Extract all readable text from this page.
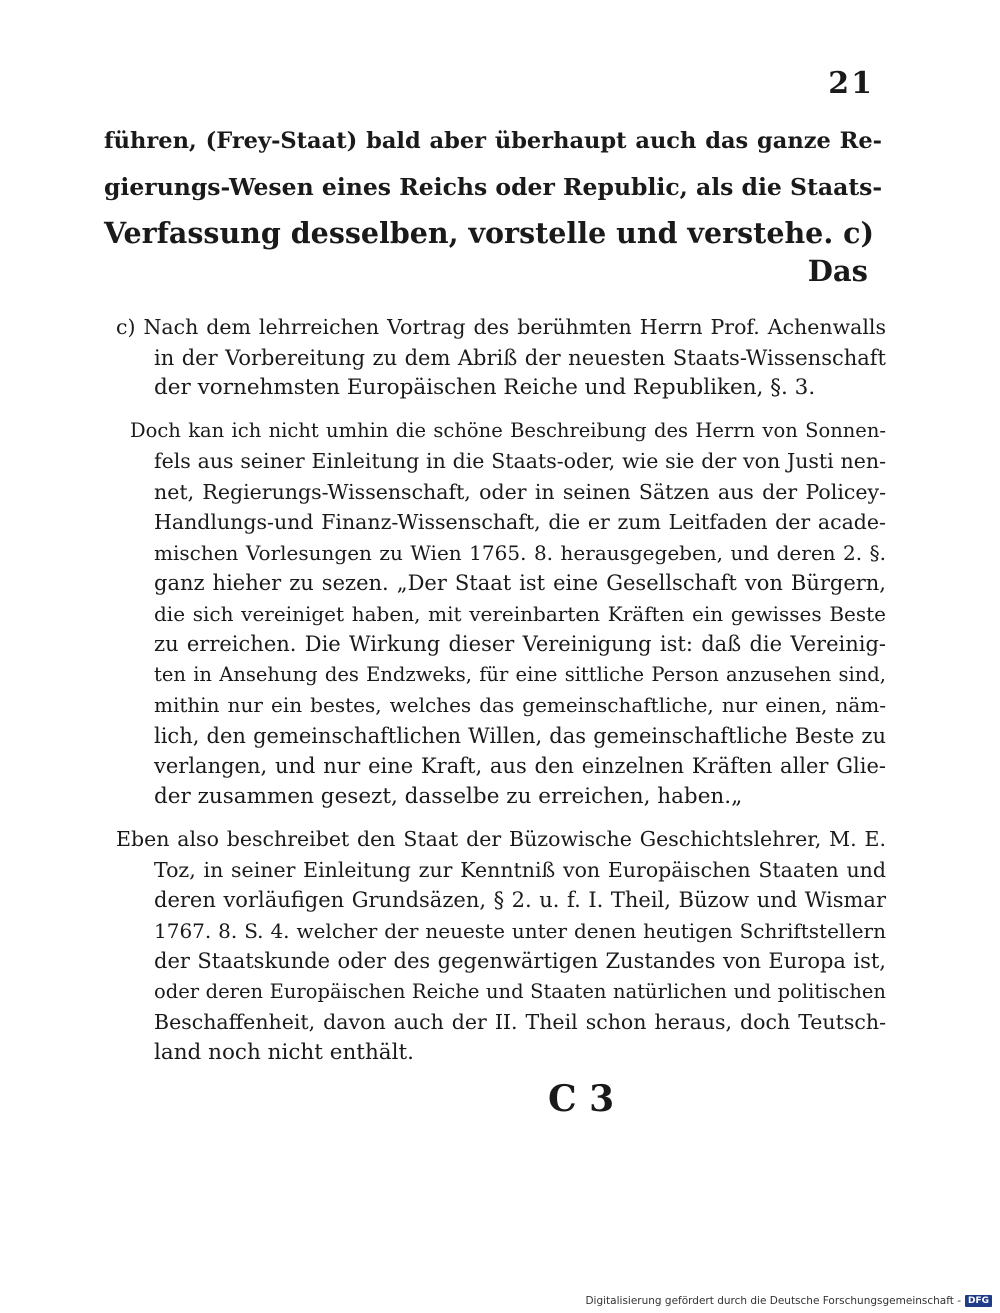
21
führen, (Frey-Staat) bald aber überhaupt auch das ganze Re-
gierungs-Wesen eines Reichs oder Republic, als die Staats-
Verfassung desselben, vorstelle und verstehe. c)
Das
c) Nach dem lehrreichen Vortrag des berühmten Herrn Prof. Achenwalls
in der Vorbereitung zu dem Abriß der neuesten Staats-Wissenschaft
der vornehmsten Europäischen Reiche und Republiken, §. 3.
Doch kan ich nicht umhin die schöne Beschreibung des Herrn von Sonnen-
fels aus seiner Einleitung in die Staats-oder, wie sie der von Justi nen-
net, Regierungs-Wissenschaft, oder in seinen Sätzen aus der Policey-
Handlungs-und Finanz-Wissenschaft, die er zum Leitfaden der acade-
mischen Vorlesungen zu Wien 1765. 8. herausgegeben, und deren 2. §.
ganz hieher zu sezen. „Der Staat ist eine Gesellschaft von Bürgern,
die sich vereiniget haben, mit vereinbarten Kräften ein gewisses Beste
zu erreichen. Die Wirkung dieser Vereinigung ist: daß die Vereinig-
ten in Ansehung des Endzweks, für eine sittliche Person anzusehen sind,
mithin nur ein bestes, welches das gemeinschaftliche, nur einen, näm-
lich, den gemeinschaftlichen Willen, das gemeinschaftliche Beste zu
verlangen, und nur eine Kraft, aus den einzelnen Kräften aller Glie-
der zusammen gesezt, dasselbe zu erreichen, haben.„
Eben also beschreibet den Staat der Büzowische Geschichtslehrer, M. E.
Toz, in seiner Einleitung zur Kenntniß von Europäischen Staaten und
deren vorläufigen Grundsäzen, § 2. u. f. I. Theil, Büzow und Wismar
1767. 8. S. 4. welcher der neueste unter denen heutigen Schriftstellern
der Staatskunde oder des gegenwärtigen Zustandes von Europa ist,
oder deren Europäischen Reiche und Staaten natürlichen und politischen
Beschaffenheit, davon auch der II. Theil schon heraus, doch Teutsch-
land noch nicht enthält.
C 3
Digitalisierung gefördert durch die Deutsche Forschungsgemeinschaft - DFG
